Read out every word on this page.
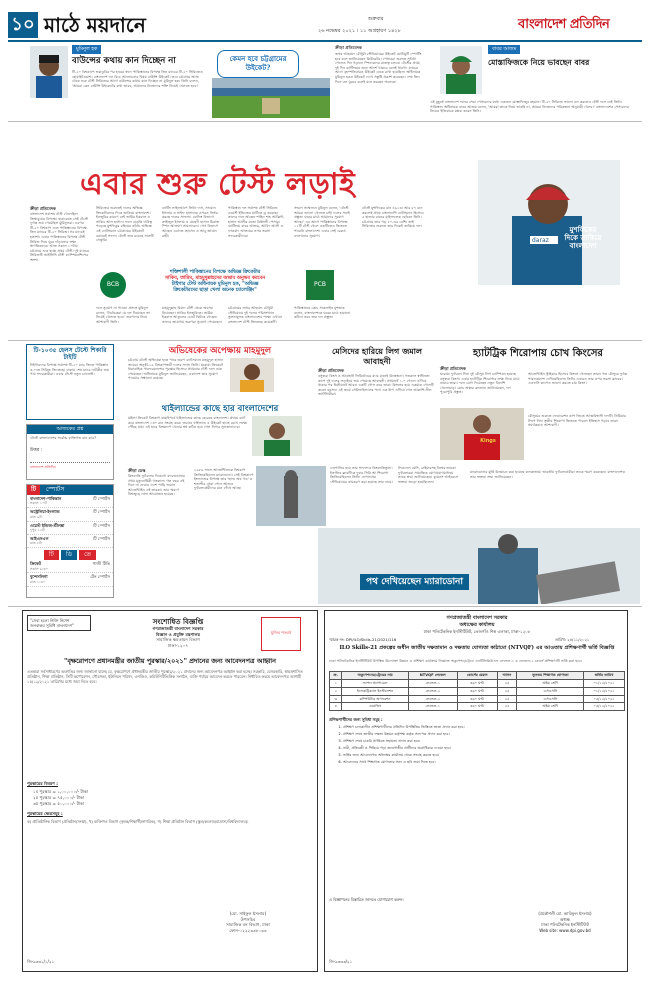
১০ মাঠে ময়দানে	শুক্রবার
২৬ নভেম্বর ২০২১ । ১১ অগ্রহায়ণ ১৪২৮	বাংলাদেশ প্রতিদিন
মুমিনুল হক
বাউন্সের কথায় কান দিচ্ছেন না
টি-২০ বিশ্বকাপে ভরাডুবির পর হারের স্বাদে পাকিস্তানের বিপক্ষে তিন ম্যাচের টি-২০ সিরিজেও হোয়াইটওয়াশ। বাংলাদেশ দল বিচে আলোচনার বিষয় বাউন্সি উইকেট। তবে চট্টগ্রামে আজ থেকে শুরু টেস্ট সিরিজের আগে বাউন্সের কথায় কান দিচ্ছেন না মুমিনুল হক। তিনি বলেন, 'আমরা কেন বাউন্সি উইকেটের কথা ভাবব, আমাদের নিজেদের শক্তি নিয়েই খেলতে হবে।'
কেমন হবে চট্টগ্রামের উইকেট?
ক্রীড়া প্রতিবেদক
জহুর আহমেদ চৌধুরী স্টেডিয়ামের উইকেট মোটামুটি স্পোর্টিং হবে বলে জানিয়েছেন কিউরেটর। পেসাররা শুরুতে সুবিধা পেলেও দিন গড়ালে স্পিনারদের রাজত্ব চলবে। টেস্টের প্রথম দুই দিন ব্যাটিংয়ের জন্য আদর্শ থাকবে বলেই ধারণা। ম্যাচের আগে বৃহস্পতিবারও উইকেট ঢেকে রাখা হয়েছিল। অধিনায়ক মুমিনুল হকও উইকেট দেখে সন্তুষ্টি প্রকাশ করেছেন। শেষ তিন দিনে বল ঘুরবে বলেই মনে করছেন অনেকে।
বাবর আজম
মোস্তাফিজকে নিয়ে ভাবছেন বাবর
এই মুহূর্তে বাংলাদেশ দলের সেরা পেসারদের মধ্যে একজন মোস্তাফিজুর রহমান। টি-২০ সিরিজে ভালো বল করলেও টেস্ট দলে নেই তিনি। পাকিস্তান অধিনায়ক বাবর আজম বলেন, 'আমরা তাকে নিয়ে ভাবছি না, আমরা নিজেদের পরিকল্পনা অনুযায়ী খেলব।' বাংলাদেশের পেসারদের নিয়েও ইতিবাচক মন্তব্য করেন তিনি।
এবার শুরু টেস্ট লড়াই
daraz
মুশফিকের
দিকে তাকিয়ে
বাংলাদেশ
ক্রীড়া প্রতিবেদক
বাংলাদেশ সর্বশেষ টেস্ট খেলেছিল জিম্বাবুয়ের বিপক্ষে। হারারেতে সেই টেস্টে দুর্দান্ত জয় পেয়েছিল মুমিনুলরা। এরপর টি-২০ বিশ্বকাপ এবং পাকিস্তানের বিপক্ষে তিন ম্যাচের টি-২০ সিরিজ। সব ম্যাচেই হতাশা। এবার পাকিস্তানের বিপক্ষে টেস্ট সিরিজ দিয়ে ঘুরে দাঁড়ানোর লক্ষ্য স্বাগতিকদের। আজ সকাল ১০টায় চট্টগ্রামে শুরু হচ্ছে প্রথম টেস্ট। দুই ম্যাচের সিরিজটি আইসিসি টেস্ট চ্যাম্পিয়নশিপের অংশ।
সিরিজের শুরুতেই দলের অভিজ্ঞ ক্রিকেটারদের দিকে তাকিয়ে বাংলাদেশ। ইনজুরির কারণে নেই তামিম ইকবাল ও সাকিব আল হাসান। ফলে বাড়তি দায়িত্ব পড়েছে মুশফিকুর রহিমের কাঁধে। অভিজ্ঞ এই ব্যাটসম্যান চট্টগ্রামের উইকেটে বরাবরই সফল। টেস্টে তার রয়েছে সাতটি সেঞ্চুরি।
ব্যাটিং লাইনআপে লিটন দাস, সাদমান ইসলাম ও সাইফ হাসানের ওপরও নির্ভর করছে দলের সাফল্য। বোলিং বিভাগে তাইজুল ইসলাম ও মেহেদী হাসান মিরাজ স্পিন আক্রমণ সামলাবেন। পেস বিভাগে আছেন এবাদত হোসেন ও আবু জায়েদ রাহী।
পাকিস্তান দল সর্বশেষ টেস্ট সিরিজে ওয়েস্ট ইন্ডিজের মাটিতে ড্র করেছে। তাদের দলে আছেন শাহিন শাহ আফ্রিদি, হাসান আলীর মতো বিধ্বংসী পেসার। ব্যাটিংয়ে বাবর আজম, আবিদ আলী ও ফাওয়াদ আলমের ওপর ভরসা সফরকারীদের।
সংবাদ সম্মেলনে মুমিনুল বলেন, 'টেস্টে আমরা ভালো খেলতে চাই। দলের সবাই প্রস্তুত। ঘরের মাঠে আমাদের সুযোগ আছে।' এর আগে পাকিস্তানের বিপক্ষে ১১টি টেস্ট খেলে একটিতেও জিততে পারেনি বাংলাদেশ। এবার সেই রেকর্ড বদলানোর সুযোগ।
টেস্টে মুশফিকের রান ৪৯১৩। আর ৮৭ রান করলেই প্রথম বাংলাদেশি ব্যাটসম্যান হিসেবে ৫ হাজার রানের মাইলফলক ছোঁবেন তিনি। চট্টগ্রামে তার গড় ৫০-এর বেশি। তাই সিরিজের শুরুতে তার দিকেই তাকিয়ে দল।
BCB
শক্তিশালী পাকিস্তানের বিপক্ষে অভিজ্ঞ ক্রিকেটার
সাকিব, তামিম, মাহমুদুল্লাহদের অভাব অনুভব করবেন
টাইগার টেস্ট অধিনায়ক মুমিনুল হক, "অভিজ্ঞ
ক্রিকেটারদের ছাড়া খেলা অনেক চ্যালেঞ্জিং"
PCB
দলে সুযোগ না পাওয়া প্রসঙ্গে মুমিনুল বলেন, 'নির্বাচকরা যে দল দিয়েছেন তা নিয়েই খেলতে হবে।' তরুণদের নিয়ে আশাবাদী তিনি।
মাহমুদুল্লাহ রিয়াদ টেস্ট থেকে অবসর নিয়েছেন। সাকিব ইনজুরিতে। তামিম ইকবাল আঙুলের চোটে ছিটকে গেছেন। তাদের জায়গায় তরুণরা সুযোগ পেয়েছেন।
চট্টগ্রামের জহুর আহমেদ চৌধুরী স্টেডিয়ামে দুই দলের পরিসংখ্যান তুলনামূলক বাংলাদেশের পক্ষে। এখানে বাংলাদেশ টেস্ট জিতেছে কয়েকটি।
পাকিস্তানের কোচ সাকলাইন মুশতাক বলেন, বাংলাদেশকে ঘরের মাঠে হারানো কঠিন। তবে তার দল প্রস্তুত।
টি-১০৩৫ হেলস টেস্টে শিকারি টাইটি
টাইগারদের বিপক্ষে সর্বশেষ টি-২০ ম্যাচ জিতে পাকিস্তান ৩-০তে সিরিজ জিতেছে। ঢাকায় শেষ ম্যাচে নাটকীয় জয় পায় সফরকারীরা। এবার টেস্টে নতুন চ্যালেঞ্জ।
আজকের প্রশ্ন
টেস্টে বাংলাদেশের সর্বোচ্চ ব্যক্তিগত রান কার?
উত্তর :
বাংলাদেশ প্রতিদিন
টি	স্পোর্টস
বাংলাদেশ-পাকিস্তান	টি স্পোর্টস
সকাল ১০টা
অস্ট্রেলিয়া-ইংল্যান্ড	টি স্পোর্টস
রাত ৯টা
ওয়েস্ট ইন্ডিজ-শ্রীলঙ্কা	টি স্পোর্টস
দুপুর ১২টা
আইএসএল	টি স্পোর্টস
রাত ৮টা
টি	ডি	তে
ক্রিকেট	গাজী টিভি
সকাল ৯:৩০
বুন্দেসলিগা	টেন স্পোর্টস
রাত ১:৩০
অভিষেকের অপেক্ষায় মাহমুদুল
চট্টগ্রাম টেস্টে অভিষেক হতে পারে তরুণ ব্যাটসম্যান মাহমুদুল হাসান জয়ের। অনূর্ধ্ব-১৯ বিশ্বকাপজয়ী দলের সদস্য তিনি। ঘরোয়া ক্রিকেটে ধারাবাহিক পারফরম্যান্সের পুরস্কার হিসেবে প্রথমবার টেস্ট দলে ডাক পেয়েছেন। অধিনায়ক মুমিনুল জানিয়েছেন, একাদশে তার সুযোগ পাওয়ার সম্ভাবনা রয়েছে।
থাইল্যান্ডের কাছে হার বাংলাদেশের
মহিলা ক্রিকেট বিশ্বকাপ বাছাইপর্বে থাইল্যান্ডের কাছে হেরেছে বাংলাদেশ। প্রথমে ব্যাট করে বাংলাদেশ ১৩০ রান সংগ্রহ করে। জবাবে থাইল্যান্ড ৪ উইকেট হাতে রেখে লক্ষ্যে পৌঁছে যায়। এই হারে বিশ্বকাপে খেলার স্বপ্ন কঠিন হয়ে গেল নিগার সুলতানাদের।
মেসিদের হারিয়ে লিগ জমাল আবাহনী
ক্রীড়া প্রতিবেদক
বসুন্ধরা কিংস ও আবাহনী লিমিটেডের ম্যাচ মানেই উত্তেজনা। গতকাল স্বাধীনতা কাপে দুই দলের লড়াইয়ে জয় পেয়েছে আবাহনী। প্রথমার্ধে ১-০ গোলে এগিয়ে থাকার পর দ্বিতীয়ার্ধে আরও একটি গোল করে তারা। কিংসের হয়ে একমাত্র গোলটি করেন রবসন। এই জয়ে সেমিফাইনালের পথে এক ধাপ এগিয়ে গেল আকাশি-নীল জার্সিধারীরা।
হ্যাটট্রিক শিরোপায় চোখ কিংসের
ক্রীড়া প্রতিবেদক
ঘরোয়া ফুটবলে টানা দুই মৌসুম লিগ চ্যাম্পিয়ন হয়েছে বসুন্ধরা কিংস। এবার হ্যাটট্রিক শিরোপার লক্ষ্য নিয়ে মাঠে নামবে তারা। দলে যোগ দিয়েছেন নতুন বিদেশি খেলোয়াড়। কোচ অস্কার ব্রুজোন জানিয়েছেন, দল পুরোপুরি প্রস্তুত।
Kings
আর্জেন্টাইন স্ট্রাইকার হিসেবে কিংসে খেলছেন তারা। গত মৌসুমে দুর্দান্ত পারফরম্যান্স দেখিয়েছিলেন তিনি। এবারও তার ওপর ভরসা ক্লাবের। এএফসি কাপেও ভালো করতে চায় কিংস।
মৌসুমের শুরুতে ফেডারেশন কাপ জিতে আত্মবিশ্বাসী দলটি। প্রিমিয়ার লিগে টানা তৃতীয় শিরোপা জিততে পারলে ইতিহাস গড়বে তারা। সমর্থকরাও আশাবাদী।
ক্রীড়া ডেস্ক
কিংবদন্তি ফুটবলার দিয়েগো ম্যারাডোনার প্রথম মৃত্যুবার্ষিকী গতকাল। গত বছর এই দিনে না ফেরার দেশে পাড়ি জমান আর্জেন্টাইন এই তারকা। তার স্মরণে বিশ্বজুড়ে নানা আয়োজন হয়েছে।
১৯৮৬ সালে আর্জেন্টিনাকে বিশ্বকাপ জিতিয়েছিলেন ম্যারাডোনা। সেই বিশ্বকাপে ইংল্যান্ডের বিপক্ষে তার 'হ্যান্ড অব গড' ও শতাব্দীর সেরা গোল আজও ফুটবলপ্রেমীদের মনে গেঁথে আছে।
নেপোলির হয়ে তার সাফল্যও কিংবদন্তিতুল্য। ইতালির ক্লাবটিকে দুবার সিরি আ শিরোপা জিতিয়েছিলেন তিনি। নেপলসের স্টেডিয়ামের নামকরণ করা হয়েছে তার নামে।
লিওনেল মেসি, নেইমারসহ বিশ্বের তারকা ফুটবলাররা সামাজিক যোগাযোগমাধ্যমে তাকে শ্রদ্ধা জানিয়েছেন। বুয়েনস আইরেসে ভক্তরা জড়ো হয়েছিলেন।
পথ দেখিয়েছেন ম্যারাডোনা
ম্যারাডোনার মূর্তি উন্মোচন করা হয়েছে কলকাতায়। ভারতীয় ফুটবলপ্রেমীরা তাকে স্মরণ করেছেন। বাংলাদেশেও তার ভক্তরা শ্রদ্ধা জানিয়েছেন।
"সেবা হলো নিক্তি নির্দেশ
জনবান্ধব সুবিধি বাংলাদেশ"	সংশোধিত বিজ্ঞপ্তি
গণপ্রজাতন্ত্রী বাংলাদেশ সরকার
বিজ্ঞান ও প্রযুক্তি মন্ত্রণালয়
সামাজিক ক্ষমতায়ন বিভাগ
ঢাকা-১২০৭
মুজিব শতবর্ষ
"বৃক্ষরোপণে প্রধানমন্ত্রীর জাতীয় পুরস্কার/২০২১" প্রদানের জন্য আবেদনপত্র আহ্বান
এতদ্বারা সর্বসাধারণের অবগতির জন্য জানানো যাচ্ছে যে, বৃক্ষরোপণে প্রধানমন্ত্রীর জাতীয় পুরস্কার/২০২১ প্রদানের জন্য আবেদনপত্র আহ্বান করা হচ্ছে। সরকারি, বেসরকারি, স্বায়ত্তশাসিত প্রতিষ্ঠান, শিক্ষা প্রতিষ্ঠান, সিটি কর্পোরেশন, পৌরসভা, ইউনিয়ন পরিষদ, এনজিও, কমিউনিটিভিত্তিক সংগঠন, ব্যক্তি পর্যায়ে আবেদন করতে পারবেন। নির্ধারিত ফরমে আবেদনপত্র আগামী ১৫/১২/২০২১ তারিখের মধ্যে জমা দিতে হবে।
পুরস্কারের বিবরণ :
১ম পুরস্কার = ১,০০,০০০/- টাকা
২য় পুরস্কার = ৭৫,০০০/- টাকা
৩য় পুরস্কার = ৫০,০০০/- টাকা
পুরস্কারের ক্ষেত্রসমূহ :
ক) প্রাতিষ্ঠানিক বিভাগ (প্রতিষ্ঠান/সংস্থা), খ) ব্যক্তিগত বিভাগ (কৃষক/শিক্ষার্থী/নাগরিক), গ) শিক্ষা প্রতিষ্ঠান বিভাগ (স্কুল/কলেজ/মাদ্রাসা/বিশ্ববিদ্যালয়)।
(মো. সাইফুল ইসলাম)
উপসচিব
সামাজিক বন বিভাগ, ঢাকা
ফোন-০২২২৩৩৮০৩৩
জি-৯৩৩১/১/২১
গণপ্রজাতন্ত্রী বাংলাদেশ সরকার
অধ্যক্ষের কার্যালয়
ঢাকা পলিটেকনিক ইনস্টিটিউট, তেজগাঁও শিল্প এলাকা, ঢাকা-১২০৮
স্মারক নং: DPI/ILO/Skills-21/2021/116	তারিখ: ২৪/১১/২০২১
ILO Skills-21 প্রকল্পের অধীন জাতীয় দক্ষতামান ও দক্ষতায় যোগ্যতা কাঠামো (NTVQF) এর আওতায় প্রশিক্ষণার্থী ভর্তি বিজ্ঞপ্তি
ঢাকা পলিটেকনিক ইনস্টিটিউট উপস্থিত উদ্যোক্তা উন্নয়ন ও প্রশিক্ষণ কার্যক্রমে নিম্নোক্ত অকুপেশন/ট্রেডে এনটিভিকিউএফ লেভেল-১ ও লেভেল-২ কোর্সে প্রশিক্ষণার্থী ভর্তি করা হবে।
ক্র.	অকুপেশনের/ট্রেডের নাম	NTVQF লেভেল	কোর্সের মেয়াদ	আসন	ন্যূনতম শিক্ষাগত যোগ্যতা	ভর্তির তারিখ
১	ফ্যাশন অ্যাপারেল	লেভেল-১	৩৬০ ঘণ্টা	২৫	অষ্টম শ্রেণি	০১/১২/২০২১
২	ইলেকট্রিক্যাল ইনস্টলেশন	লেভেল-২	৩৬০ ঘণ্টা	২৫	এসএসসি	০১/১২/২০২১
৩	কম্পিউটার অপারেশন	লেভেল-২	৩৬০ ঘণ্টা	২৫	এসএসসি	০৫/১২/২০২১
৪	ওয়েল্ডিং	লেভেল-১	৩৬০ ঘণ্টা	২৫	অষ্টম শ্রেণি	০৫/১২/২০২১
প্রশিক্ষণার্থীদের জন্য সুবিধা সমূহ :
1. প্রশিক্ষণ চলাকালীন প্রশিক্ষণার্থীদের প্রতিদিন উপস্থিতির ভিত্তিতে ভাতা প্রদান করা হবে।
2. প্রশিক্ষণ শেষে জাতীয় দক্ষতা উন্নয়ন কর্তৃপক্ষ কর্তৃক সনদপত্র প্রদান করা হবে।
3. প্রশিক্ষণ শেষে চাকরি প্রাপ্তিতে সহায়তা প্রদান করা হবে।
4. নারী, প্রতিবন্ধী ও পিছিয়ে পড়া জনগোষ্ঠীর প্রার্থীদের অগ্রাধিকার দেওয়া হবে।
5. ভর্তির জন্য আবেদনপত্র অধ্যক্ষের কার্যালয় থেকে সংগ্রহ করতে হবে।
6. আবেদনের সাথে শিক্ষাগত যোগ্যতার সনদ ও ছবি জমা দিতে হবে।
এ বিজ্ঞাপনের বিস্তারিত জানতে যোগাযোগ করুন।
(প্রকৌশলী মো. আরিফুল ইসলাম)
অধ্যক্ষ
ঢাকা পলিটেকনিক ইনস্টিটিউট
Web site: www.dpi.gov.bd
জি-৯৩৩৩/২১
